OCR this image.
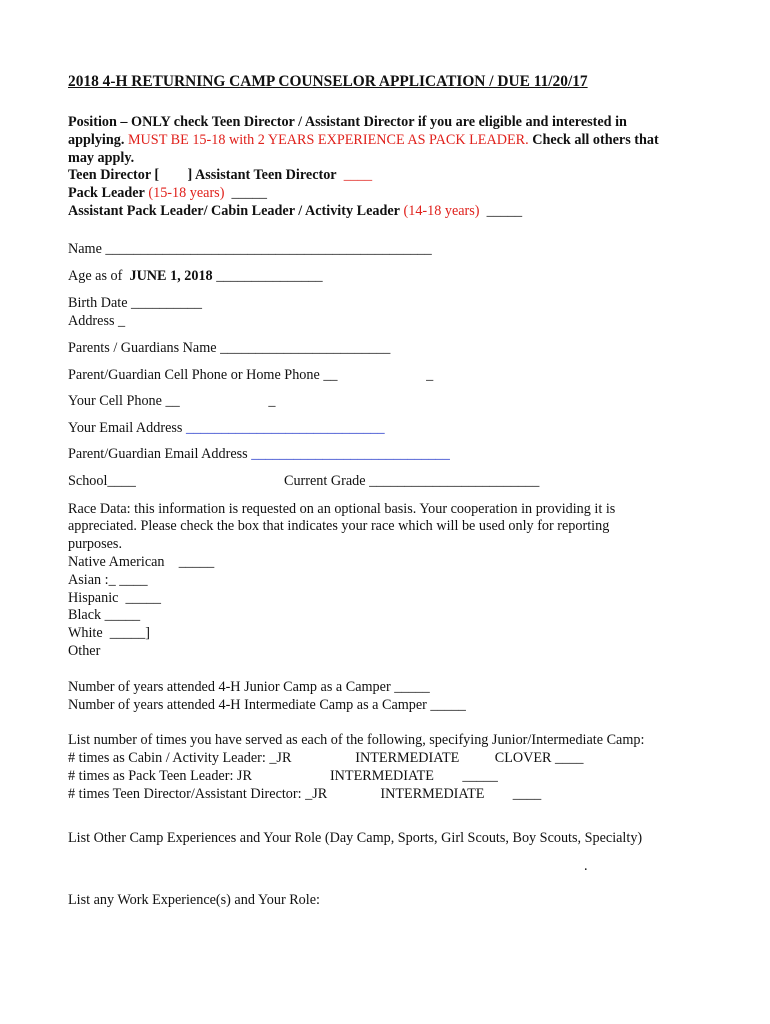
2018 4-H RETURNING CAMP COUNSELOR APPLICATION / DUE 11/20/17
Position – ONLY check Teen Director / Assistant Director if you are eligible and interested in
applying. MUST BE 15-18 with 2 YEARS EXPERIENCE AS PACK LEADER. Check all others that
may apply.
Teen Director [        ] Assistant Teen Director  ____
Pack Leader (15-18 years)  _____
Assistant Pack Leader/ Cabin Leader / Activity Leader (14-18 years)  _____
Name ______________________________________________
Age as of  JUNE 1, 2018 _______________
Birth Date __________
Address _
Parents / Guardians Name ________________________
Parent/Guardian Cell Phone or Home Phone __                         _
Your Cell Phone __                         _
Your Email Address ____________________________
Parent/Guardian Email Address ____________________________
School____	Current Grade ________________________
Race Data: this information is requested on an optional basis. Your cooperation in providing it is
appreciated. Please check the box that indicates your race which will be used only for reporting
purposes.
Native American    _____
Asian :_ ____
Hispanic  _____
Black _____
White  _____]
Other
Number of years attended 4-H Junior Camp as a Camper _____
Number of years attended 4-H Intermediate Camp as a Camper _____
List number of times you have served as each of the following, specifying Junior/Intermediate Camp:
# times as Cabin / Activity Leader: _JR                  INTERMEDIATE          CLOVER ____
# times as Pack Teen Leader: JR                      INTERMEDIATE        _____
# times Teen Director/Assistant Director: _JR               INTERMEDIATE        ____
List Other Camp Experiences and Your Role (Day Camp, Sports, Girl Scouts, Boy Scouts, Specialty)
.
List any Work Experience(s) and Your Role:
